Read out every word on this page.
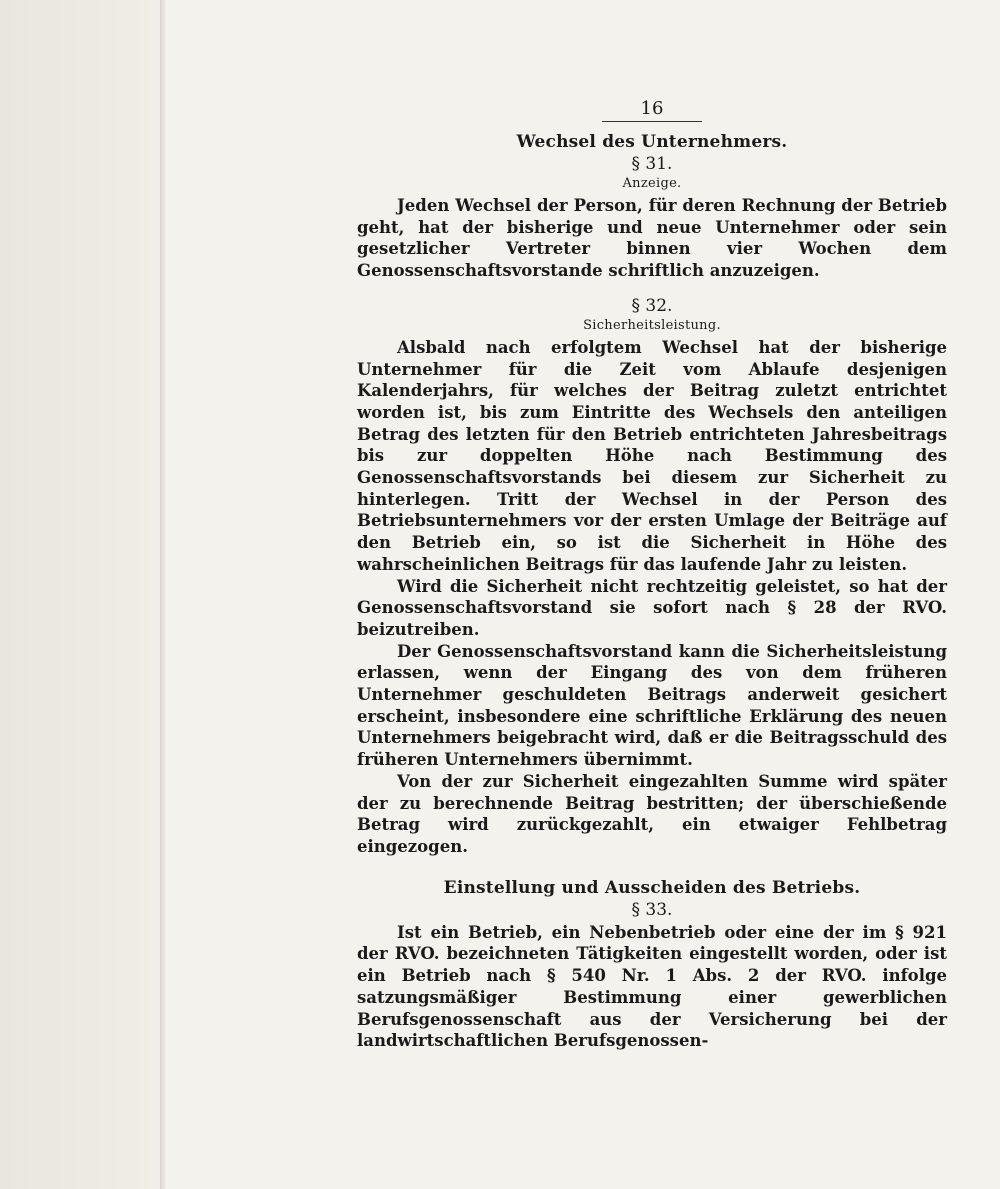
16
Wechsel des Unternehmers.
§ 31.
Anzeige.

Jeden Wechsel der Person, für deren Rechnung der Betrieb geht, hat der bisherige und neue Unternehmer oder sein gesetzlicher Vertreter binnen vier Wochen dem Genossenschaftsvorstande schriftlich anzuzeigen.

§ 32.
Sicherheitsleistung.

Alsbald nach erfolgtem Wechsel hat der bisherige Unternehmer für die Zeit vom Ablaufe desjenigen Kalenderjahrs, für welches der Beitrag zuletzt entrichtet worden ist, bis zum Eintritte des Wechsels den anteiligen Betrag des letzten für den Betrieb entrichteten Jahresbeitrags bis zur doppelten Höhe nach Bestimmung des Genossenschaftsvorstands bei diesem zur Sicherheit zu hinterlegen. Tritt der Wechsel in der Person des Betriebsunternehmers vor der ersten Umlage der Beiträge auf den Betrieb ein, so ist die Sicherheit in Höhe des wahrscheinlichen Beitrags für das laufende Jahr zu leisten.

Wird die Sicherheit nicht rechtzeitig geleistet, so hat der Genossenschaftsvorstand sie sofort nach § 28 der RVO. beizutreiben.

Der Genossenschaftsvorstand kann die Sicherheitsleistung erlassen, wenn der Eingang des von dem früheren Unternehmer geschuldeten Beitrags anderweit gesichert erscheint, insbesondere eine schriftliche Erklärung des neuen Unternehmers beigebracht wird, daß er die Beitragsschuld des früheren Unternehmers übernimmt.

Von der zur Sicherheit eingezahlten Summe wird später der zu berechnende Beitrag bestritten; der überschießende Betrag wird zurückgezahlt, ein etwaiger Fehlbetrag eingezogen.

Einstellung und Ausscheiden des Betriebs.
§ 33.

Ist ein Betrieb, ein Nebenbetrieb oder eine der im § 921 der RVO. bezeichneten Tätigkeiten eingestellt worden, oder ist ein Betrieb nach § 540 Nr. 1 Abs. 2 der RVO. infolge satzungsmäßiger Bestimmung einer gewerblichen Berufsgenossenschaft aus der Versicherung bei der landwirtschaftlichen Berufsgenossen-
